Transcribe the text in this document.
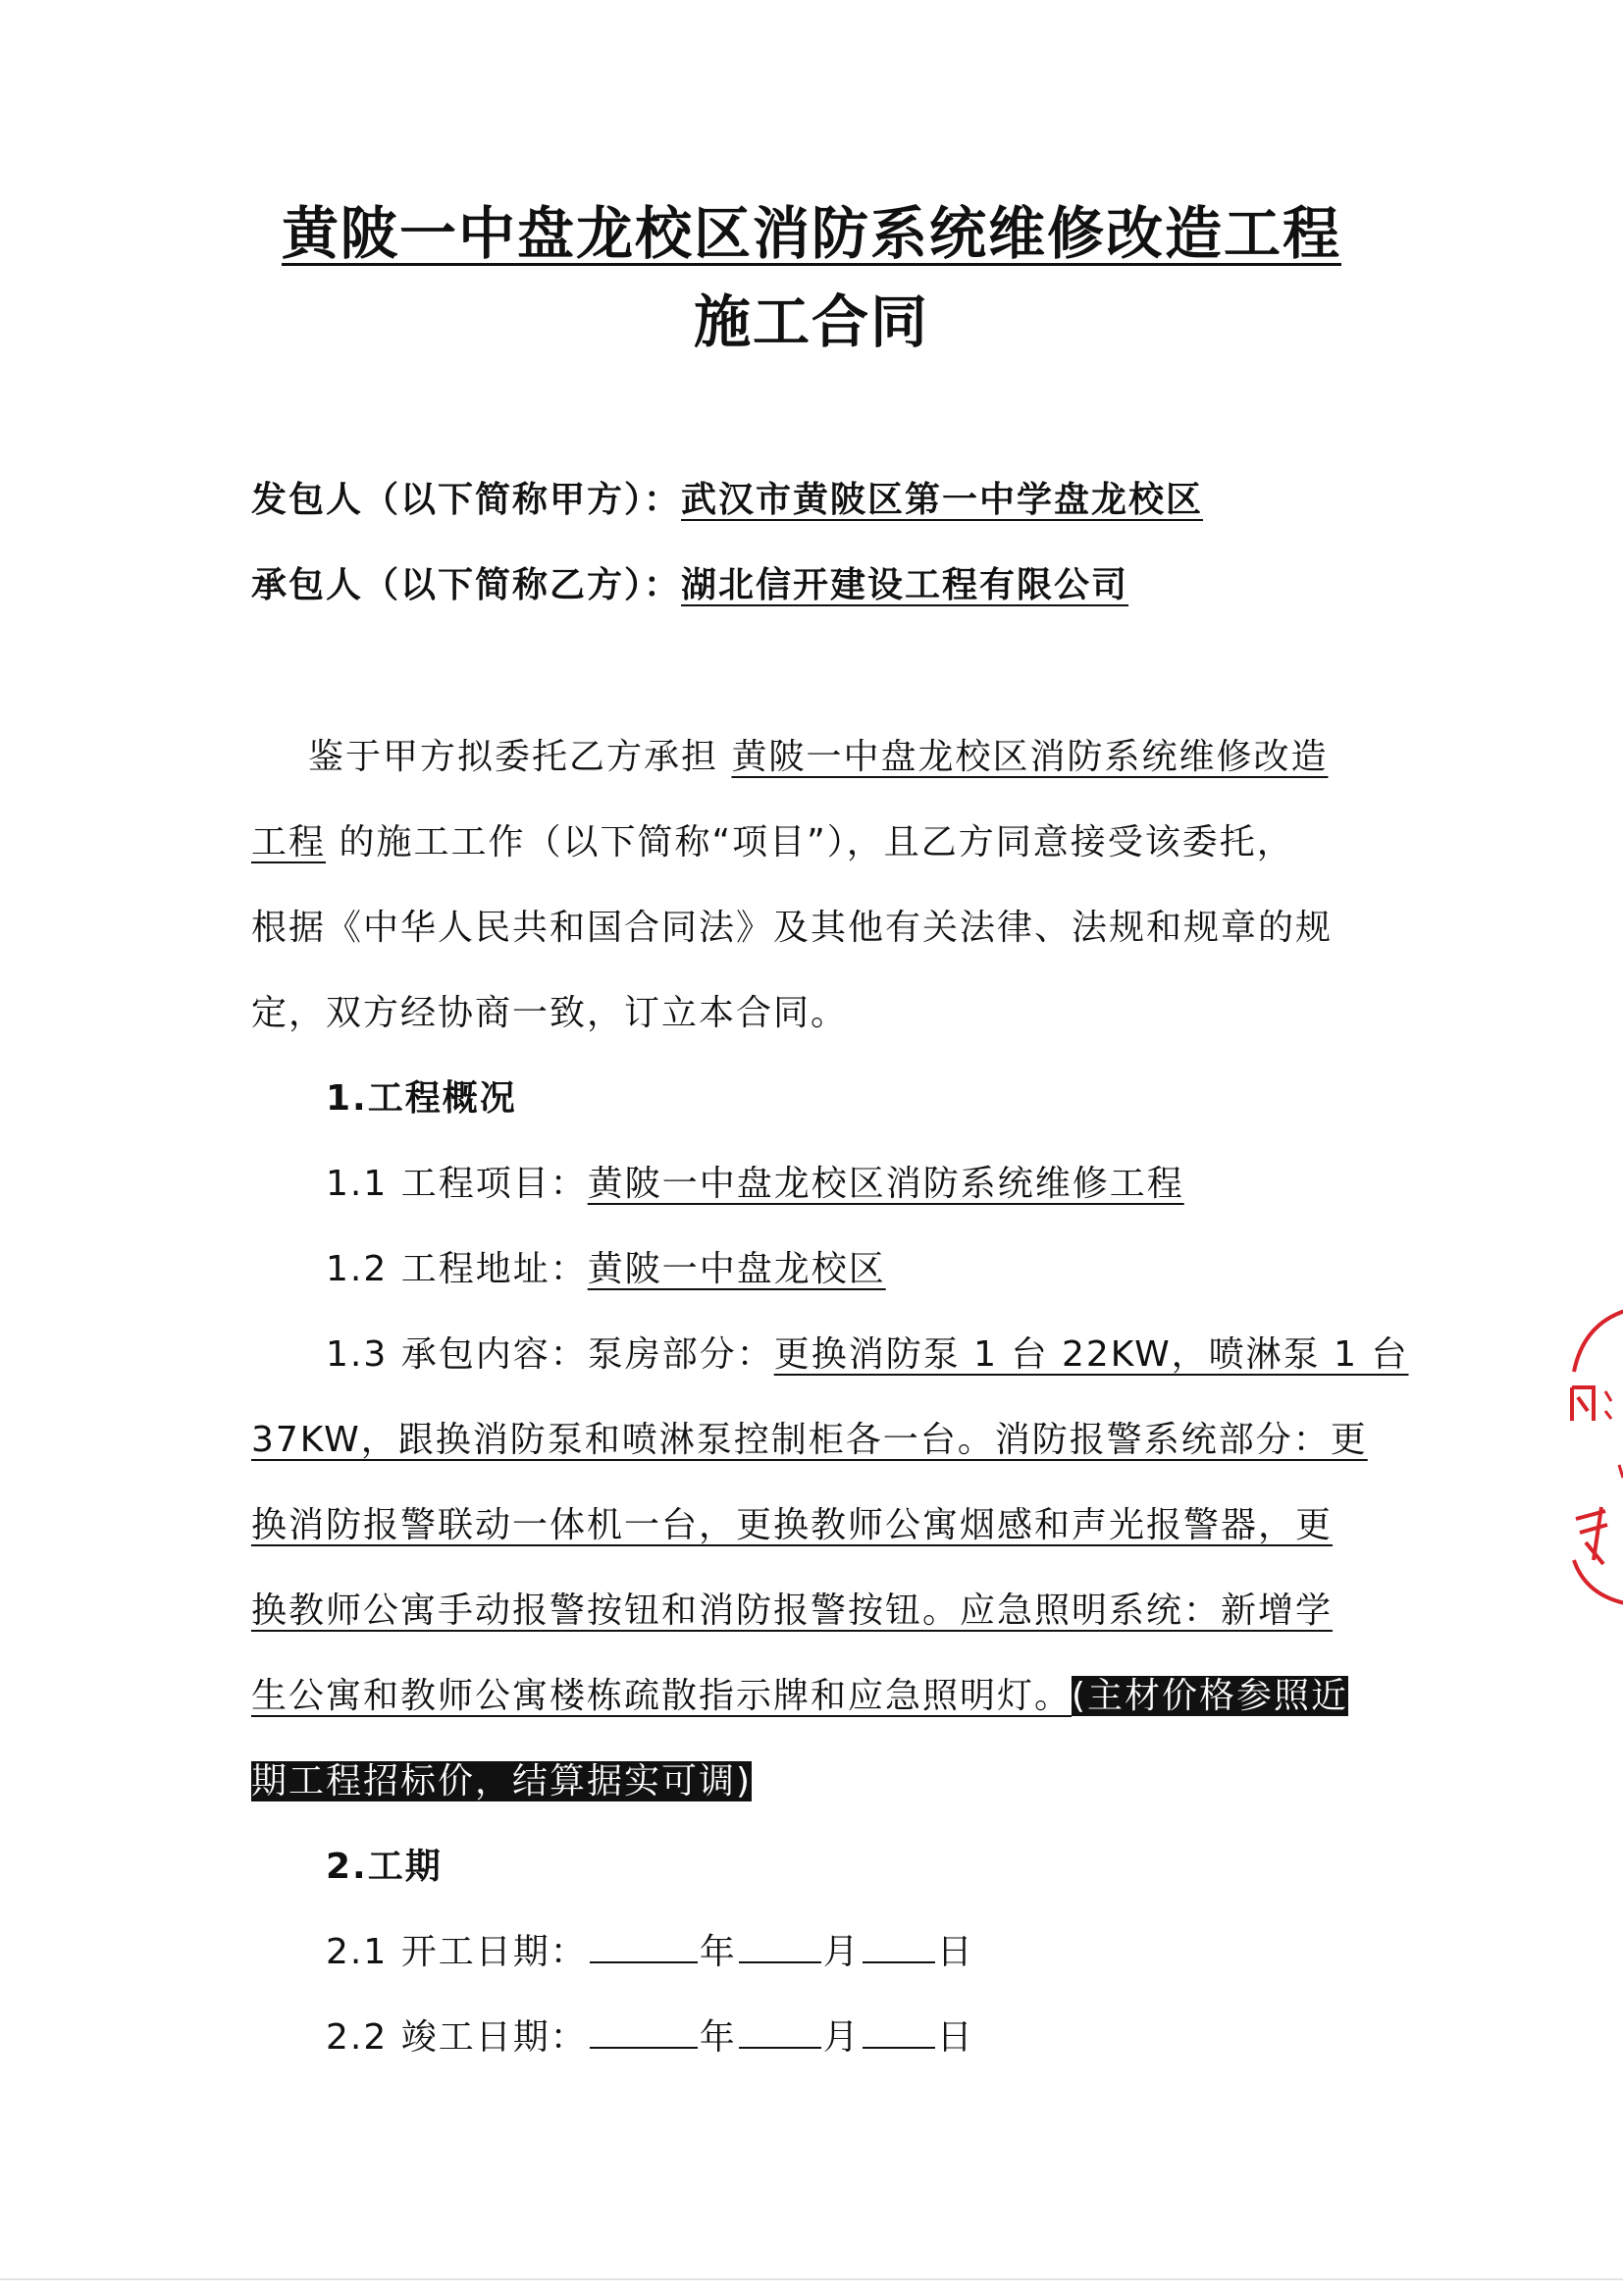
黄陂一中盘龙校区消防系统维修改造工程
施工合同
发包人（以下简称甲方）：武汉市黄陂区第一中学盘龙校区
承包人（以下简称乙方）：湖北信开建设工程有限公司
鉴于甲方拟委托乙方承担 黄陂一中盘龙校区消防系统维修改造
工程 的施工工作（以下简称“项目”），且乙方同意接受该委托，
根据《中华人民共和国合同法》及其他有关法律、法规和规章的规
定，双方经协商一致，订立本合同。
1.工程概况
1.1 工程项目：黄陂一中盘龙校区消防系统维修工程
1.2 工程地址：黄陂一中盘龙校区
1.3 承包内容：泵房部分：更换消防泵 1 台 22KW，喷淋泵 1 台
37KW，跟换消防泵和喷淋泵控制柜各一台。消防报警系统部分：更
换消防报警联动一体机一台，更换教师公寓烟感和声光报警器，更
换教师公寓手动报警按钮和消防报警按钮。应急照明系统：新增学
生公寓和教师公寓楼栋疏散指示牌和应急照明灯。(主材价格参照近
期工程招标价，结算据实可调)
2.工期
2.1 开工日期：	年 月 日
2.2 竣工日期：	年 月 日
